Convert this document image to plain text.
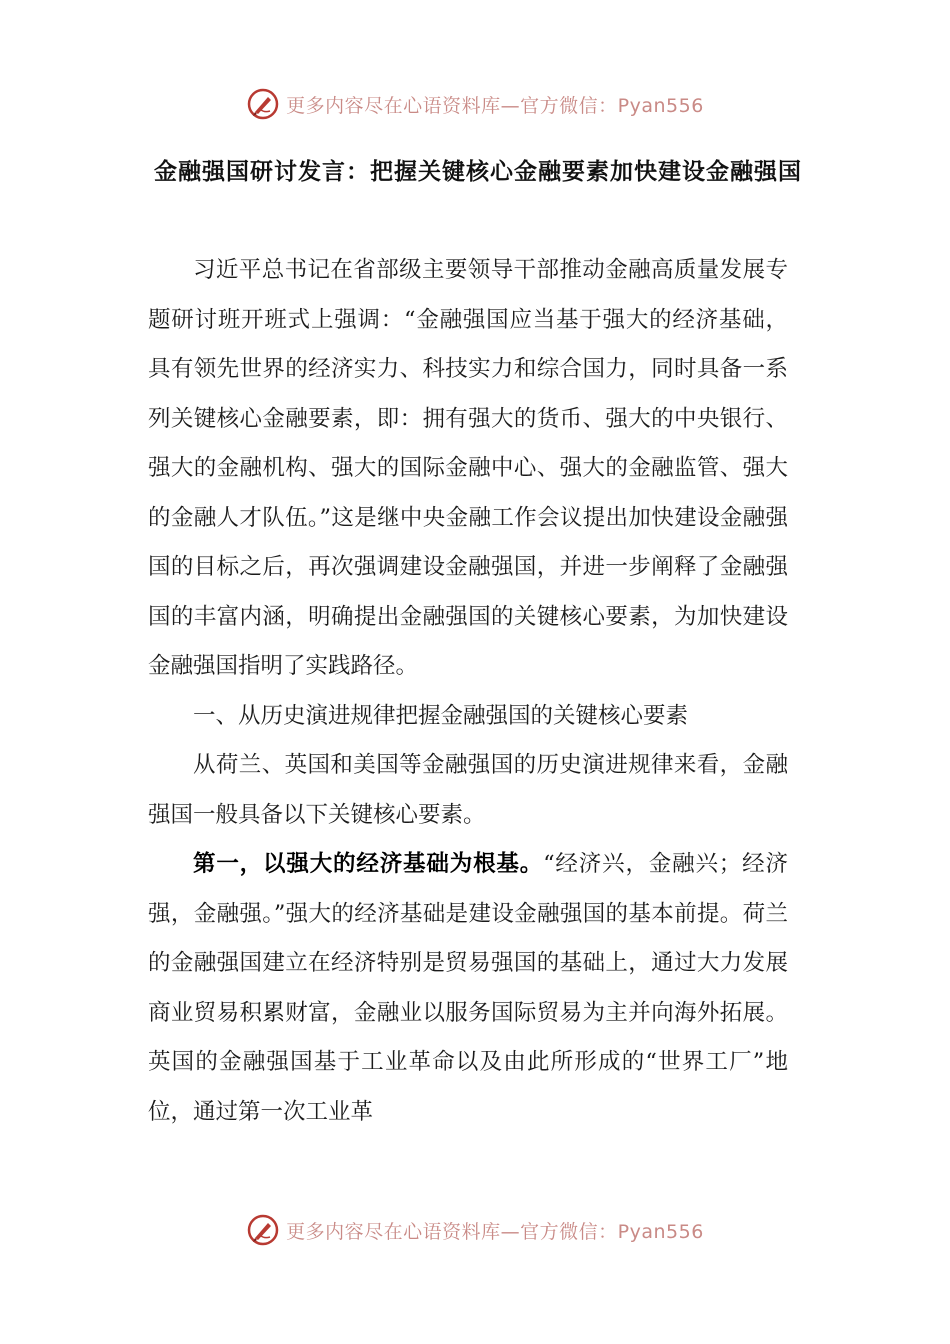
更多内容尽在心语资料库—官方微信：Pyan556
金融强国研讨发言：把握关键核心金融要素加快建设金融强国

习近平总书记在省部级主要领导干部推动金融高质量发展专题研讨班开班式上强调：“金融强国应当基于强大的经济基础，具有领先世界的经济实力、科技实力和综合国力，同时具备一系列关键核心金融要素，即：拥有强大的货币、强大的中央银行、强大的金融机构、强大的国际金融中心、强大的金融监管、强大的金融人才队伍。”这是继中央金融工作会议提出加快建设金融强国的目标之后，再次强调建设金融强国，并进一步阐释了金融强国的丰富内涵，明确提出金融强国的关键核心要素，为加快建设金融强国指明了实践路径。

一、从历史演进规律把握金融强国的关键核心要素

从荷兰、英国和美国等金融强国的历史演进规律来看，金融强国一般具备以下关键核心要素。

第一，以强大的经济基础为根基。“经济兴，金融兴；经济强，金融强。”强大的经济基础是建设金融强国的基本前提。荷兰的金融强国建立在经济特别是贸易强国的基础上，通过大力发展商业贸易积累财富，金融业以服务国际贸易为主并向海外拓展。英国的金融强国基于工业革命以及由此所形成的“世界工厂”地位，通过第一次工业革

更多内容尽在心语资料库—官方微信：Pyan556
